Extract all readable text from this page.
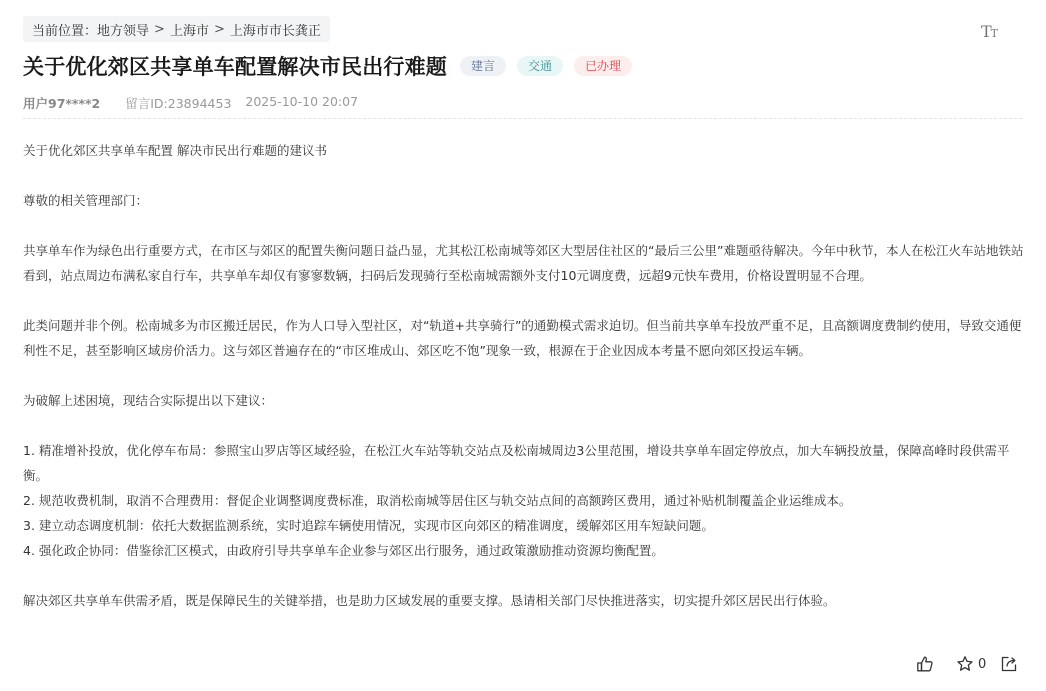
当前位置： 地方领导 > 上海市 > 上海市市长龚正	T T
关于优化郊区共享单车配置解决市民出行难题	建言	交通	已办理
用户97****2 留言ID:23894453 2025-10-10 20:07

关于优化郊区共享单车配置 解决市民出行难题的建议书

尊敬的相关管理部门：

共享单车作为绿色出行重要方式，在市区与郊区的配置失衡问题日益凸显，尤其松江松南城等郊区大型居住社区的“最后三公里”难题亟待解决。今年中秋节，本人在松江火车站地铁站看到，站点周边布满私家自行车，共享单车却仅有寥寥数辆，扫码后发现骑行至松南城需额外支付10元调度费，远超9元快车费用，价格设置明显不合理。

此类问题并非个例。松南城多为市区搬迁居民，作为人口导入型社区，对“轨道+共享骑行”的通勤模式需求迫切。但当前共享单车投放严重不足，且高额调度费制约使用，导致交通便利性不足，甚至影响区域房价活力。这与郊区普遍存在的“市区堆成山、郊区吃不饱”现象一致，根源在于企业因成本考量不愿向郊区投运车辆。

为破解上述困境，现结合实际提出以下建议：

1. 精准增补投放，优化停车布局：参照宝山罗店等区域经验，在松江火车站等轨交站点及松南城周边3公里范围，增设共享单车固定停放点，加大车辆投放量，保障高峰时段供需平衡。
2. 规范收费机制，取消不合理费用：督促企业调整调度费标准，取消松南城等居住区与轨交站点间的高额跨区费用，通过补贴机制覆盖企业运维成本。
3. 建立动态调度机制：依托大数据监测系统，实时追踪车辆使用情况，实现市区向郊区的精准调度，缓解郊区用车短缺问题。
4. 强化政企协同：借鉴徐汇区模式，由政府引导共享单车企业参与郊区出行服务，通过政策激励推动资源均衡配置。

解决郊区共享单车供需矛盾，既是保障民生的关键举措，也是助力区域发展的重要支撑。恳请相关部门尽快推进落实，切实提升郊区居民出行体验。

0
